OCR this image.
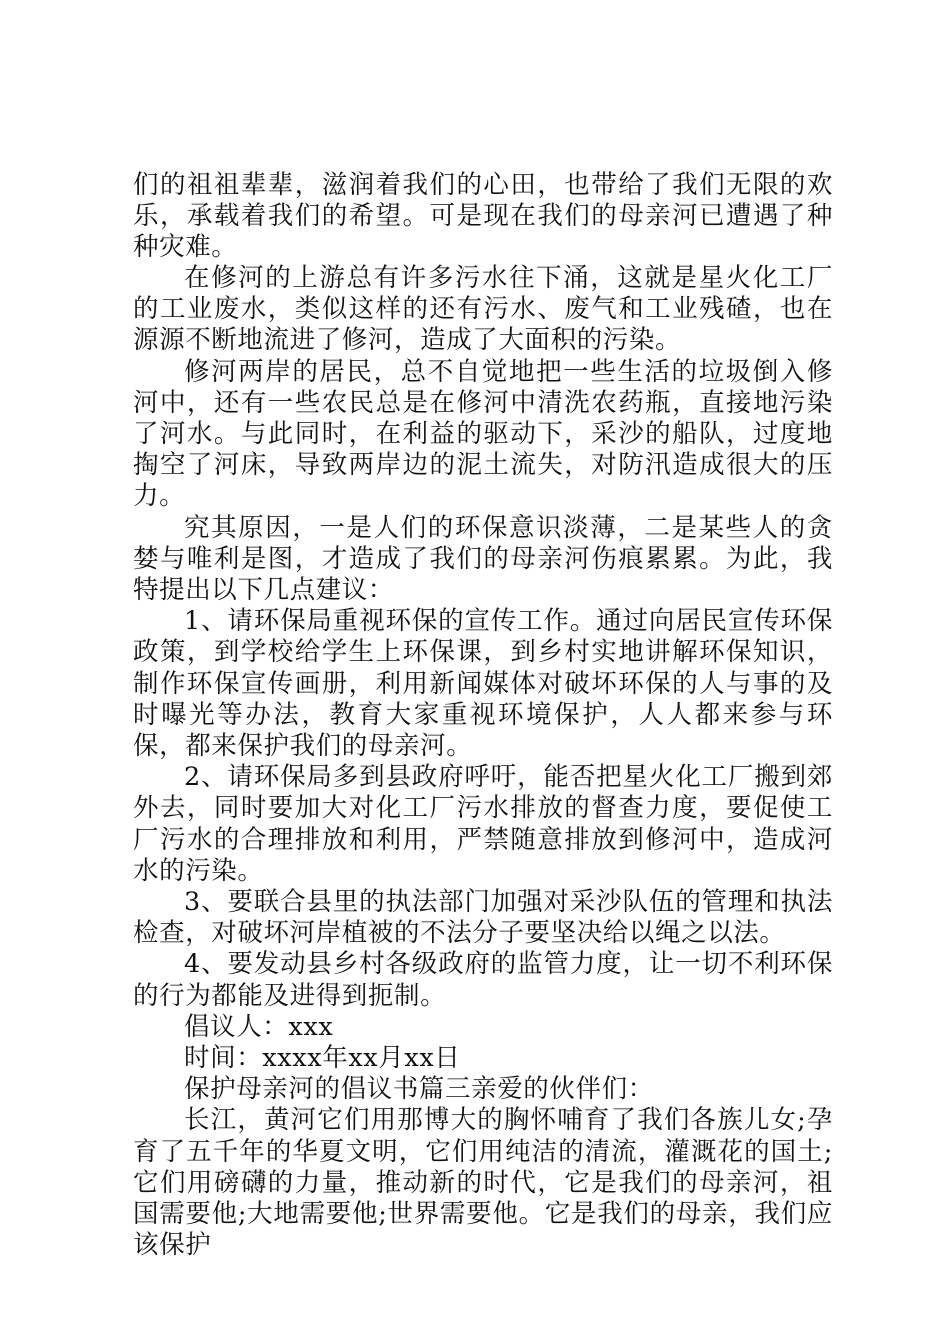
们的祖祖辈辈，滋润着我们的心田，也带给了我们无限的欢乐，承载着我们的希望。可是现在我们的母亲河已遭遇了种种灾难。

在修河的上游总有许多污水往下涌，这就是星火化工厂的工业废水，类似这样的还有污水、废气和工业残碴，也在源源不断地流进了修河，造成了大面积的污染。

修河两岸的居民，总不自觉地把一些生活的垃圾倒入修河中，还有一些农民总是在修河中清洗农药瓶，直接地污染了河水。与此同时，在利益的驱动下，采沙的船队，过度地掏空了河床，导致两岸边的泥土流失，对防汛造成很大的压力。

究其原因，一是人们的环保意识淡薄，二是某些人的贪婪与唯利是图，才造成了我们的母亲河伤痕累累。为此，我特提出以下几点建议：

1、请环保局重视环保的宣传工作。通过向居民宣传环保政策，到学校给学生上环保课，到乡村实地讲解环保知识，制作环保宣传画册，利用新闻媒体对破坏环保的人与事的及时曝光等办法，教育大家重视环境保护，人人都来参与环保，都来保护我们的母亲河。

2、请环保局多到县政府呼吁，能否把星火化工厂搬到郊外去，同时要加大对化工厂污水排放的督查力度，要促使工厂污水的合理排放和利用，严禁随意排放到修河中，造成河水的污染。

3、要联合县里的执法部门加强对采沙队伍的管理和执法检查，对破坏河岸植被的不法分子要坚决给以绳之以法。

4、要发动县乡村各级政府的监管力度，让一切不利环保的行为都能及进得到扼制。

倡议人：xxx

时间：xxxx年xx月xx日

保护母亲河的倡议书篇三亲爱的伙伴们：

长江，黄河它们用那博大的胸怀哺育了我们各族儿女;孕育了五千年的华夏文明，它们用纯洁的清流，灌溉花的国土;它们用磅礴的力量，推动新的时代，它是我们的母亲河，祖国需要他;大地需要他;世界需要他。它是我们的母亲，我们应该保护
